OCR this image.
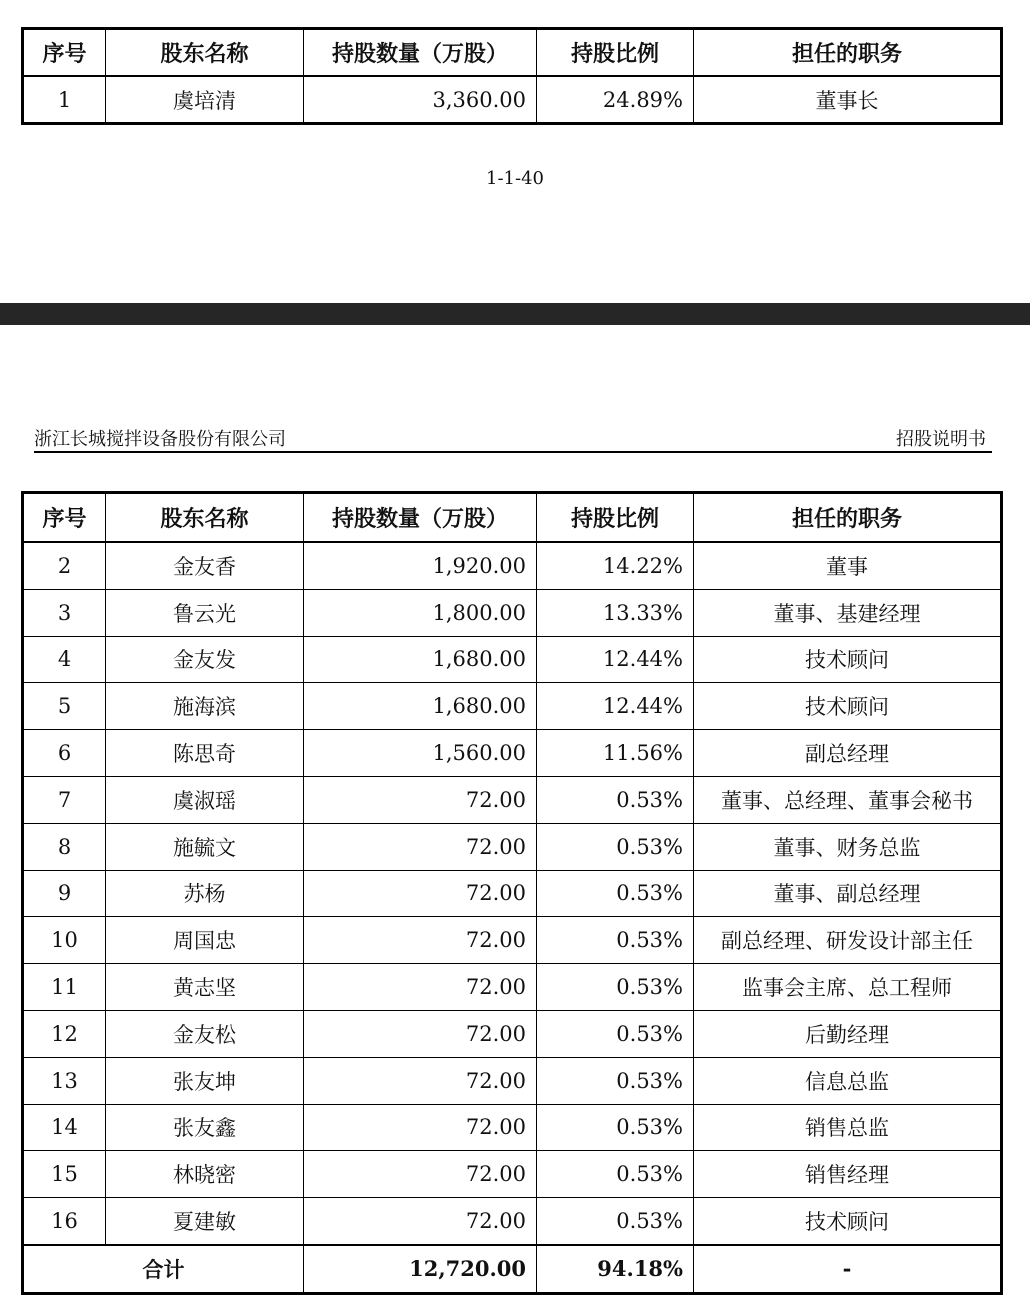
序号	股东名称	持股数量（万股）	持股比例	担任的职务
1	虞培清	3,360.00	24.89%	董事长
1-1-40
浙江长城搅拌设备股份有限公司	招股说明书
序号	股东名称	持股数量（万股）	持股比例	担任的职务
2	金友香	1,920.00	14.22%	董事
3	鲁云光	1,800.00	13.33%	董事、基建经理
4	金友发	1,680.00	12.44%	技术顾问
5	施海滨	1,680.00	12.44%	技术顾问
6	陈思奇	1,560.00	11.56%	副总经理
7	虞淑瑶	72.00	0.53%	董事、总经理、董事会秘书
8	施毓文	72.00	0.53%	董事、财务总监
9	苏杨	72.00	0.53%	董事、副总经理
10	周国忠	72.00	0.53%	副总经理、研发设计部主任
11	黄志坚	72.00	0.53%	监事会主席、总工程师
12	金友松	72.00	0.53%	后勤经理
13	张友坤	72.00	0.53%	信息总监
14	张友鑫	72.00	0.53%	销售总监
15	林晓密	72.00	0.53%	销售经理
16	夏建敏	72.00	0.53%	技术顾问
合计		12,720.00	94.18%	-
